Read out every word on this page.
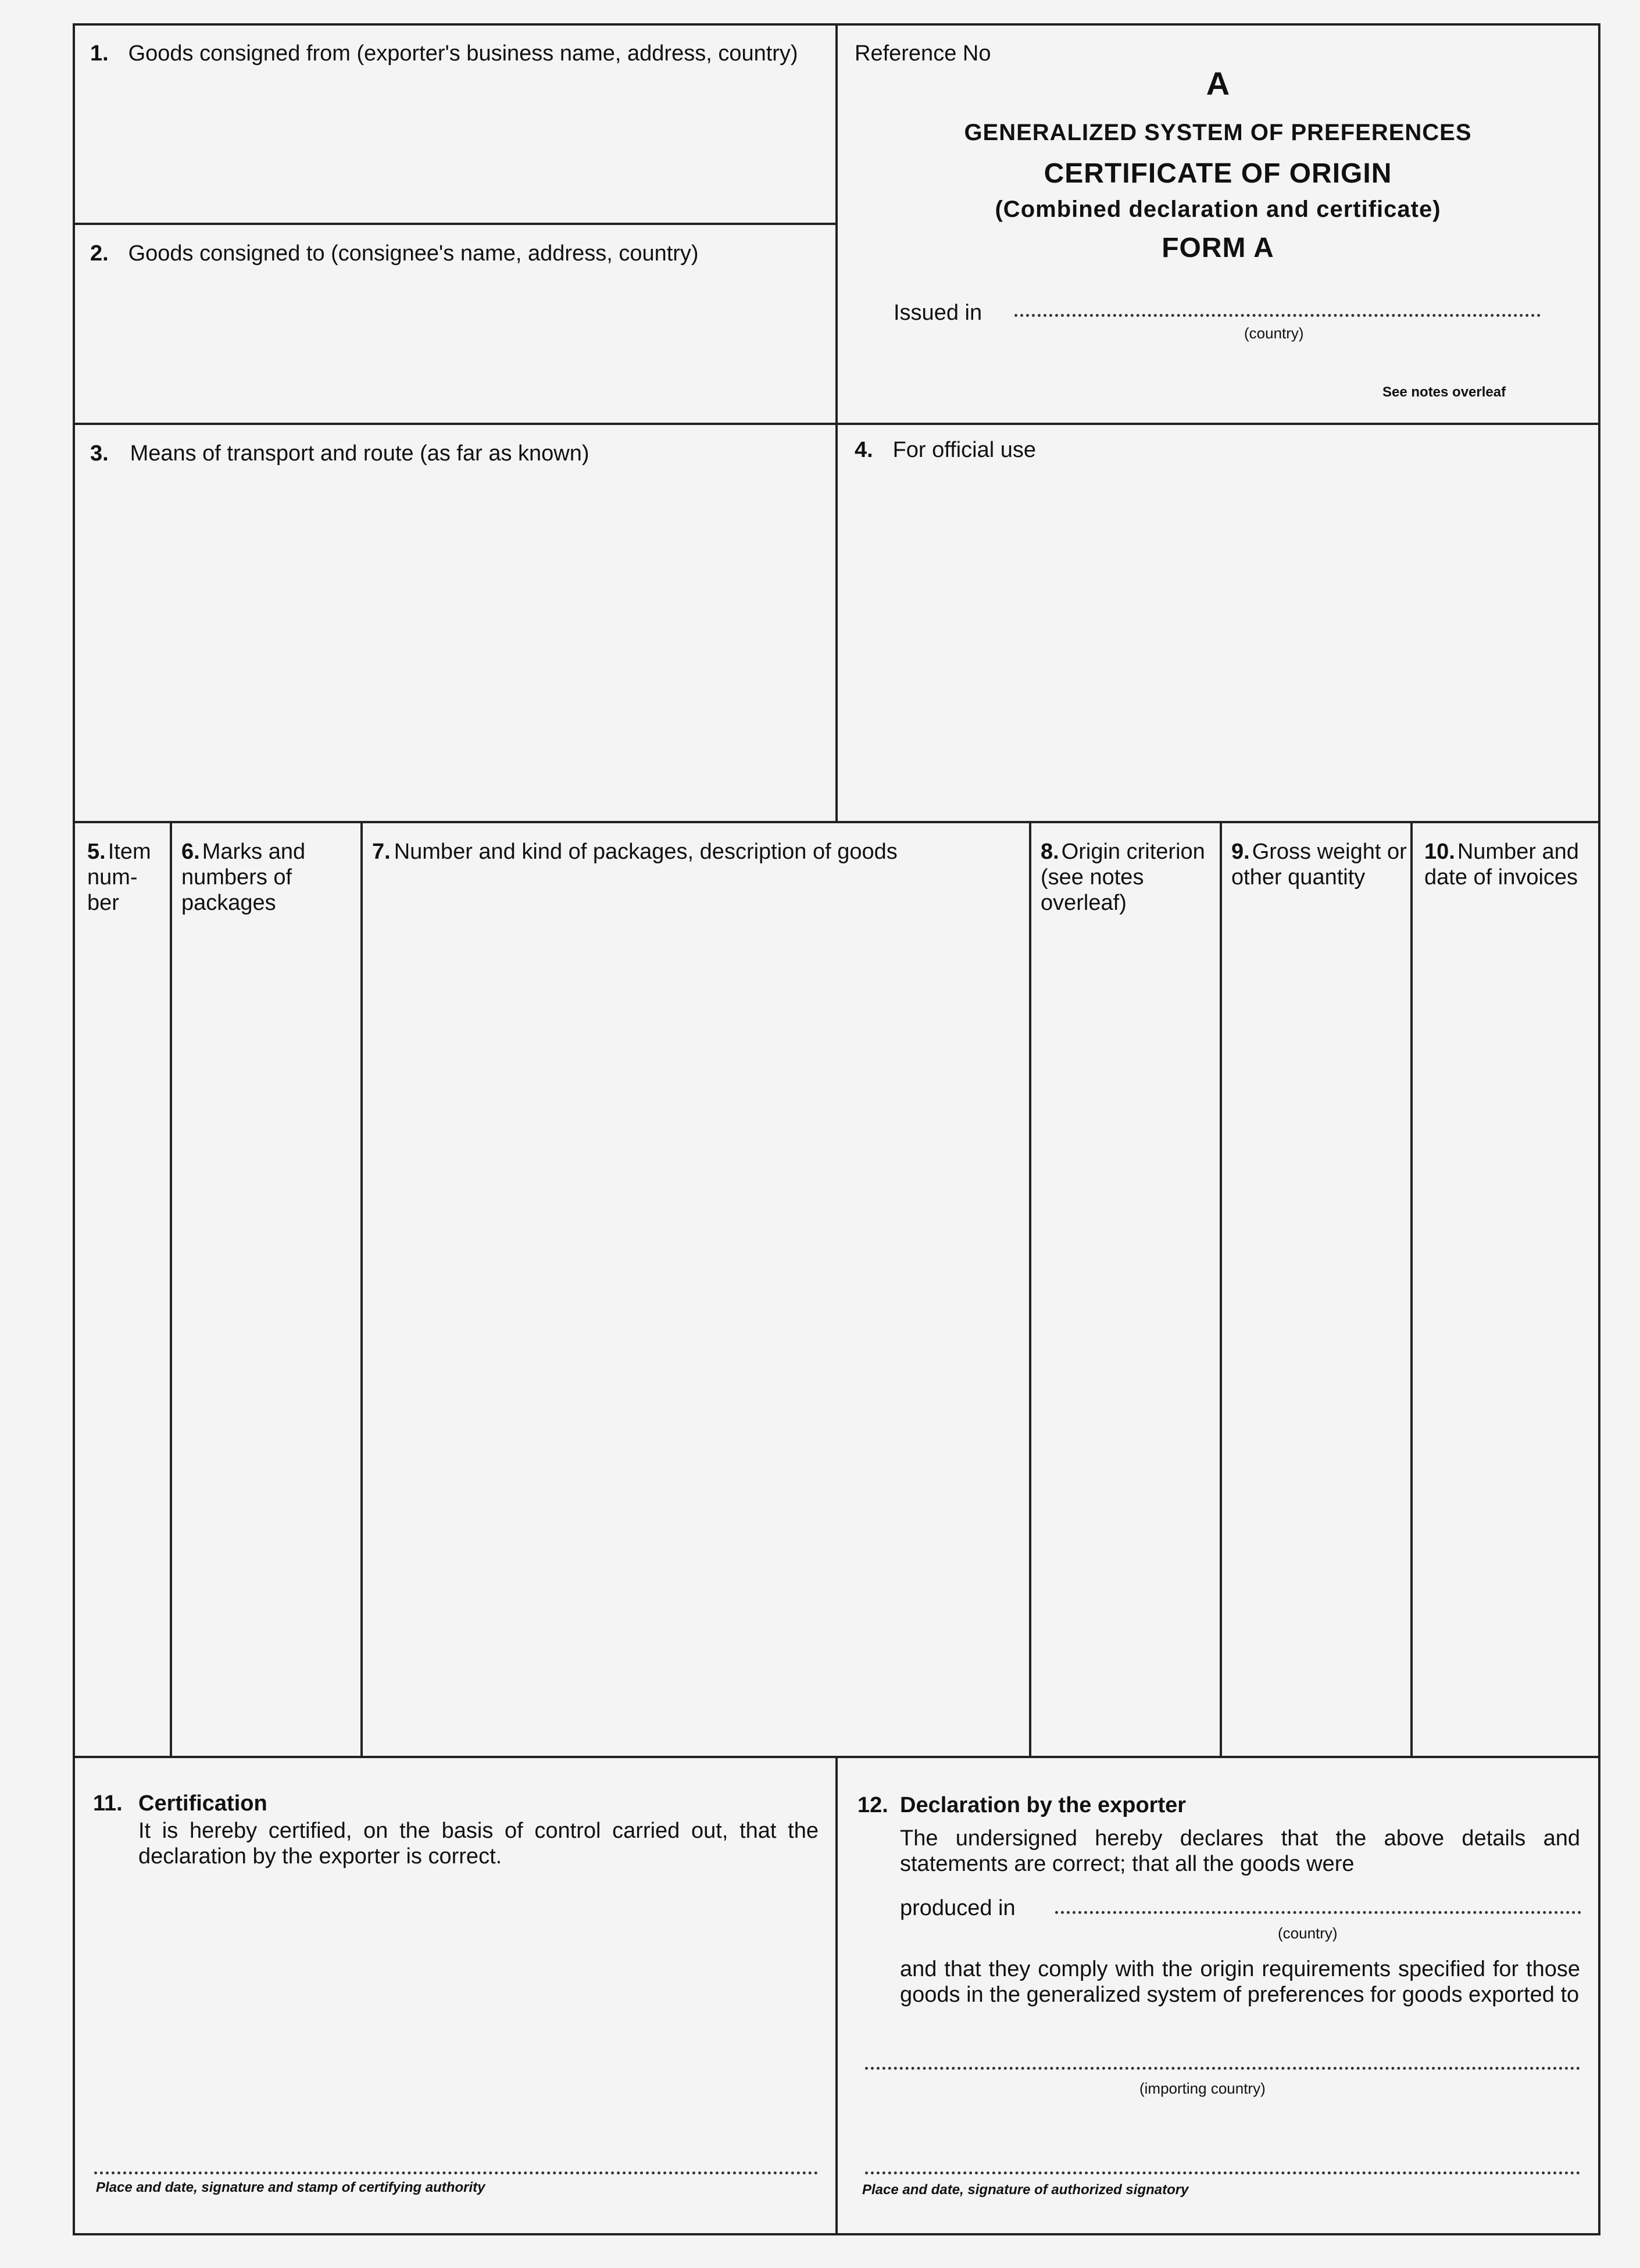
1. Goods consigned from (exporter's business name, address, country)
2. Goods consigned to (consignee's name, address, country)
Reference No
A
GENERALIZED SYSTEM OF PREFERENCES
CERTIFICATE OF ORIGIN
(Combined declaration and certificate)
FORM A
Issued in
(country)
See notes overleaf
3. Means of transport and route (as far as known)	4. For official use
5. Item num-ber
6. Marks and numbers of packages
7. Number and kind of packages, description of goods	8. Origin criterion (see notes overleaf)
9. Gross weight or other quantity
10. Number and date of invoices
11. Certification
It is hereby certified, on the basis of control carried out, that the declaration by the exporter is correct.
Place and date, signature and stamp of certifying authority
12. Declaration by the exporter
The undersigned hereby declares that the above details and statements are correct; that all the goods were
produced in
(country)
and that they comply with the origin requirements specified for those goods in the generalized system of preferences for goods exported to
(importing country)
Place and date, signature of authorized signatory
